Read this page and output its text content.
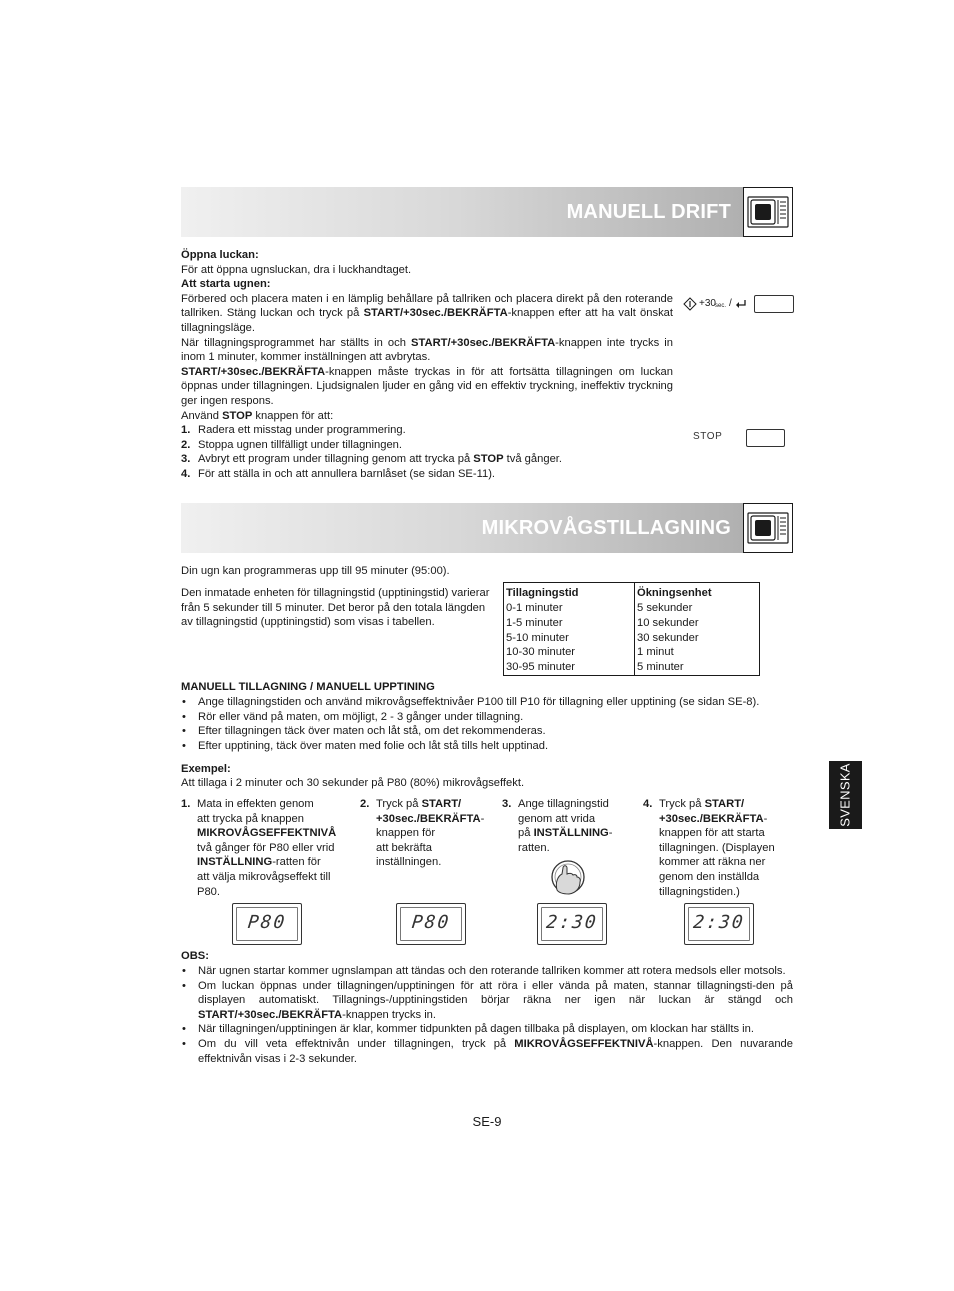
MANUELL DRIFT
Öppna luckan:
För att öppna ugnsluckan, dra i luckhandtaget.
Att starta ugnen:
Förbered och placera maten i en lämplig behållare på tallriken och placera direkt på den roterande tallriken. Stäng luckan och tryck på START/+30sec./BEKRÄFTA-knappen efter att ha valt önskat tillagningsläge.
När tillagningsprogrammet har ställts in och START/+30sec./BEKRÄFTA-knappen inte trycks in inom 1 minuter, kommer inställningen att avbrytas.
START/+30sec./BEKRÄFTA-knappen måste tryckas in för att fortsätta tillagningen om luckan öppnas under tillagningen. Ljudsignalen ljuder en gång vid en effektiv tryckning, ineffektiv tryckning ger ingen respons.
Använd STOP knappen för att:
1. Radera ett misstag under programmering.
2. Stoppa ugnen tillfälligt under tillagningen.
3. Avbryt ett program under tillagning genom att trycka på STOP två gånger.
4. För att ställa in och att annullera barnlåset (se sidan SE-11).
+30 sec. /
STOP
MIKROVÅGSTILLAGNING
Din ugn kan programmeras upp till 95 minuter (95:00).
Den inmatade enheten för tillagningstid (upptiningstid) varierar från 5 sekunder till 5 minuter. Det beror på den totala längden av tillagningstid (upptiningstid) som visas i tabellen.
Tillagningstid	Ökningsenhet
0-1 minuter	5 sekunder
1-5 minuter	10 sekunder
5-10 minuter	30 sekunder
10-30 minuter	1 minut
30-95 minuter	5 minuter
MANUELL TILLAGNING / MANUELL UPPTINING
• Ange tillagningstiden och använd mikrovågseffektnivåer P100 till P10 för tillagning eller upptining (se sidan SE-8).
• Rör eller vänd på maten, om möjligt, 2 - 3 gånger under tillagning.
• Efter tillagningen täck över maten och låt stå, om det rekommenderas.
• Efter upptining, täck över maten med folie och låt stå tills helt upptinad.
Exempel:
Att tillaga i 2 minuter och 30 sekunder på P80 (80%) mikrovågseffekt.
1. Mata in effekten genom
att trycka på knappen
MIKROVÅGSEFFEKTNIVÅ
två gånger för P80 eller vrid
INSTÄLLNING-ratten för
att välja mikrovågseffekt till
P80.
2. Tryck på START/
+30sec./BEKRÄFTA-
knappen för
att bekräfta
inställningen.
3. Ange tillagningstid
genom att vrida
på INSTÄLLNING-
ratten.
4. Tryck på START/
+30sec./BEKRÄFTA-
knappen för att starta
tillagningen. (Displayen
kommer att räkna ner
genom den inställda
tillagningstiden.)
P80	P80	2:30	2:30
OBS:
• När ugnen startar kommer ugnslampan att tändas och den roterande tallriken kommer att rotera medsols eller motsols.
• Om luckan öppnas under tillagningen/upptiningen för att röra i eller vända på maten, stannar tillagningsti-den på displayen automatiskt. Tillagnings-/upptiningstiden börjar räkna ner igen när luckan är stängd och START/+30sec./BEKRÄFTA-knappen trycks in.
• När tillagningen/upptiningen är klar, kommer tidpunkten på dagen tillbaka på displayen, om klockan har ställts in.
• Om du vill veta effektnivån under tillagningen, tryck på MIKROVÅGSEFFEKTNIVÅ-knappen. Den nuvarande effektnivån visas i 2-3 sekunder.
SVENSKA
SE-9
